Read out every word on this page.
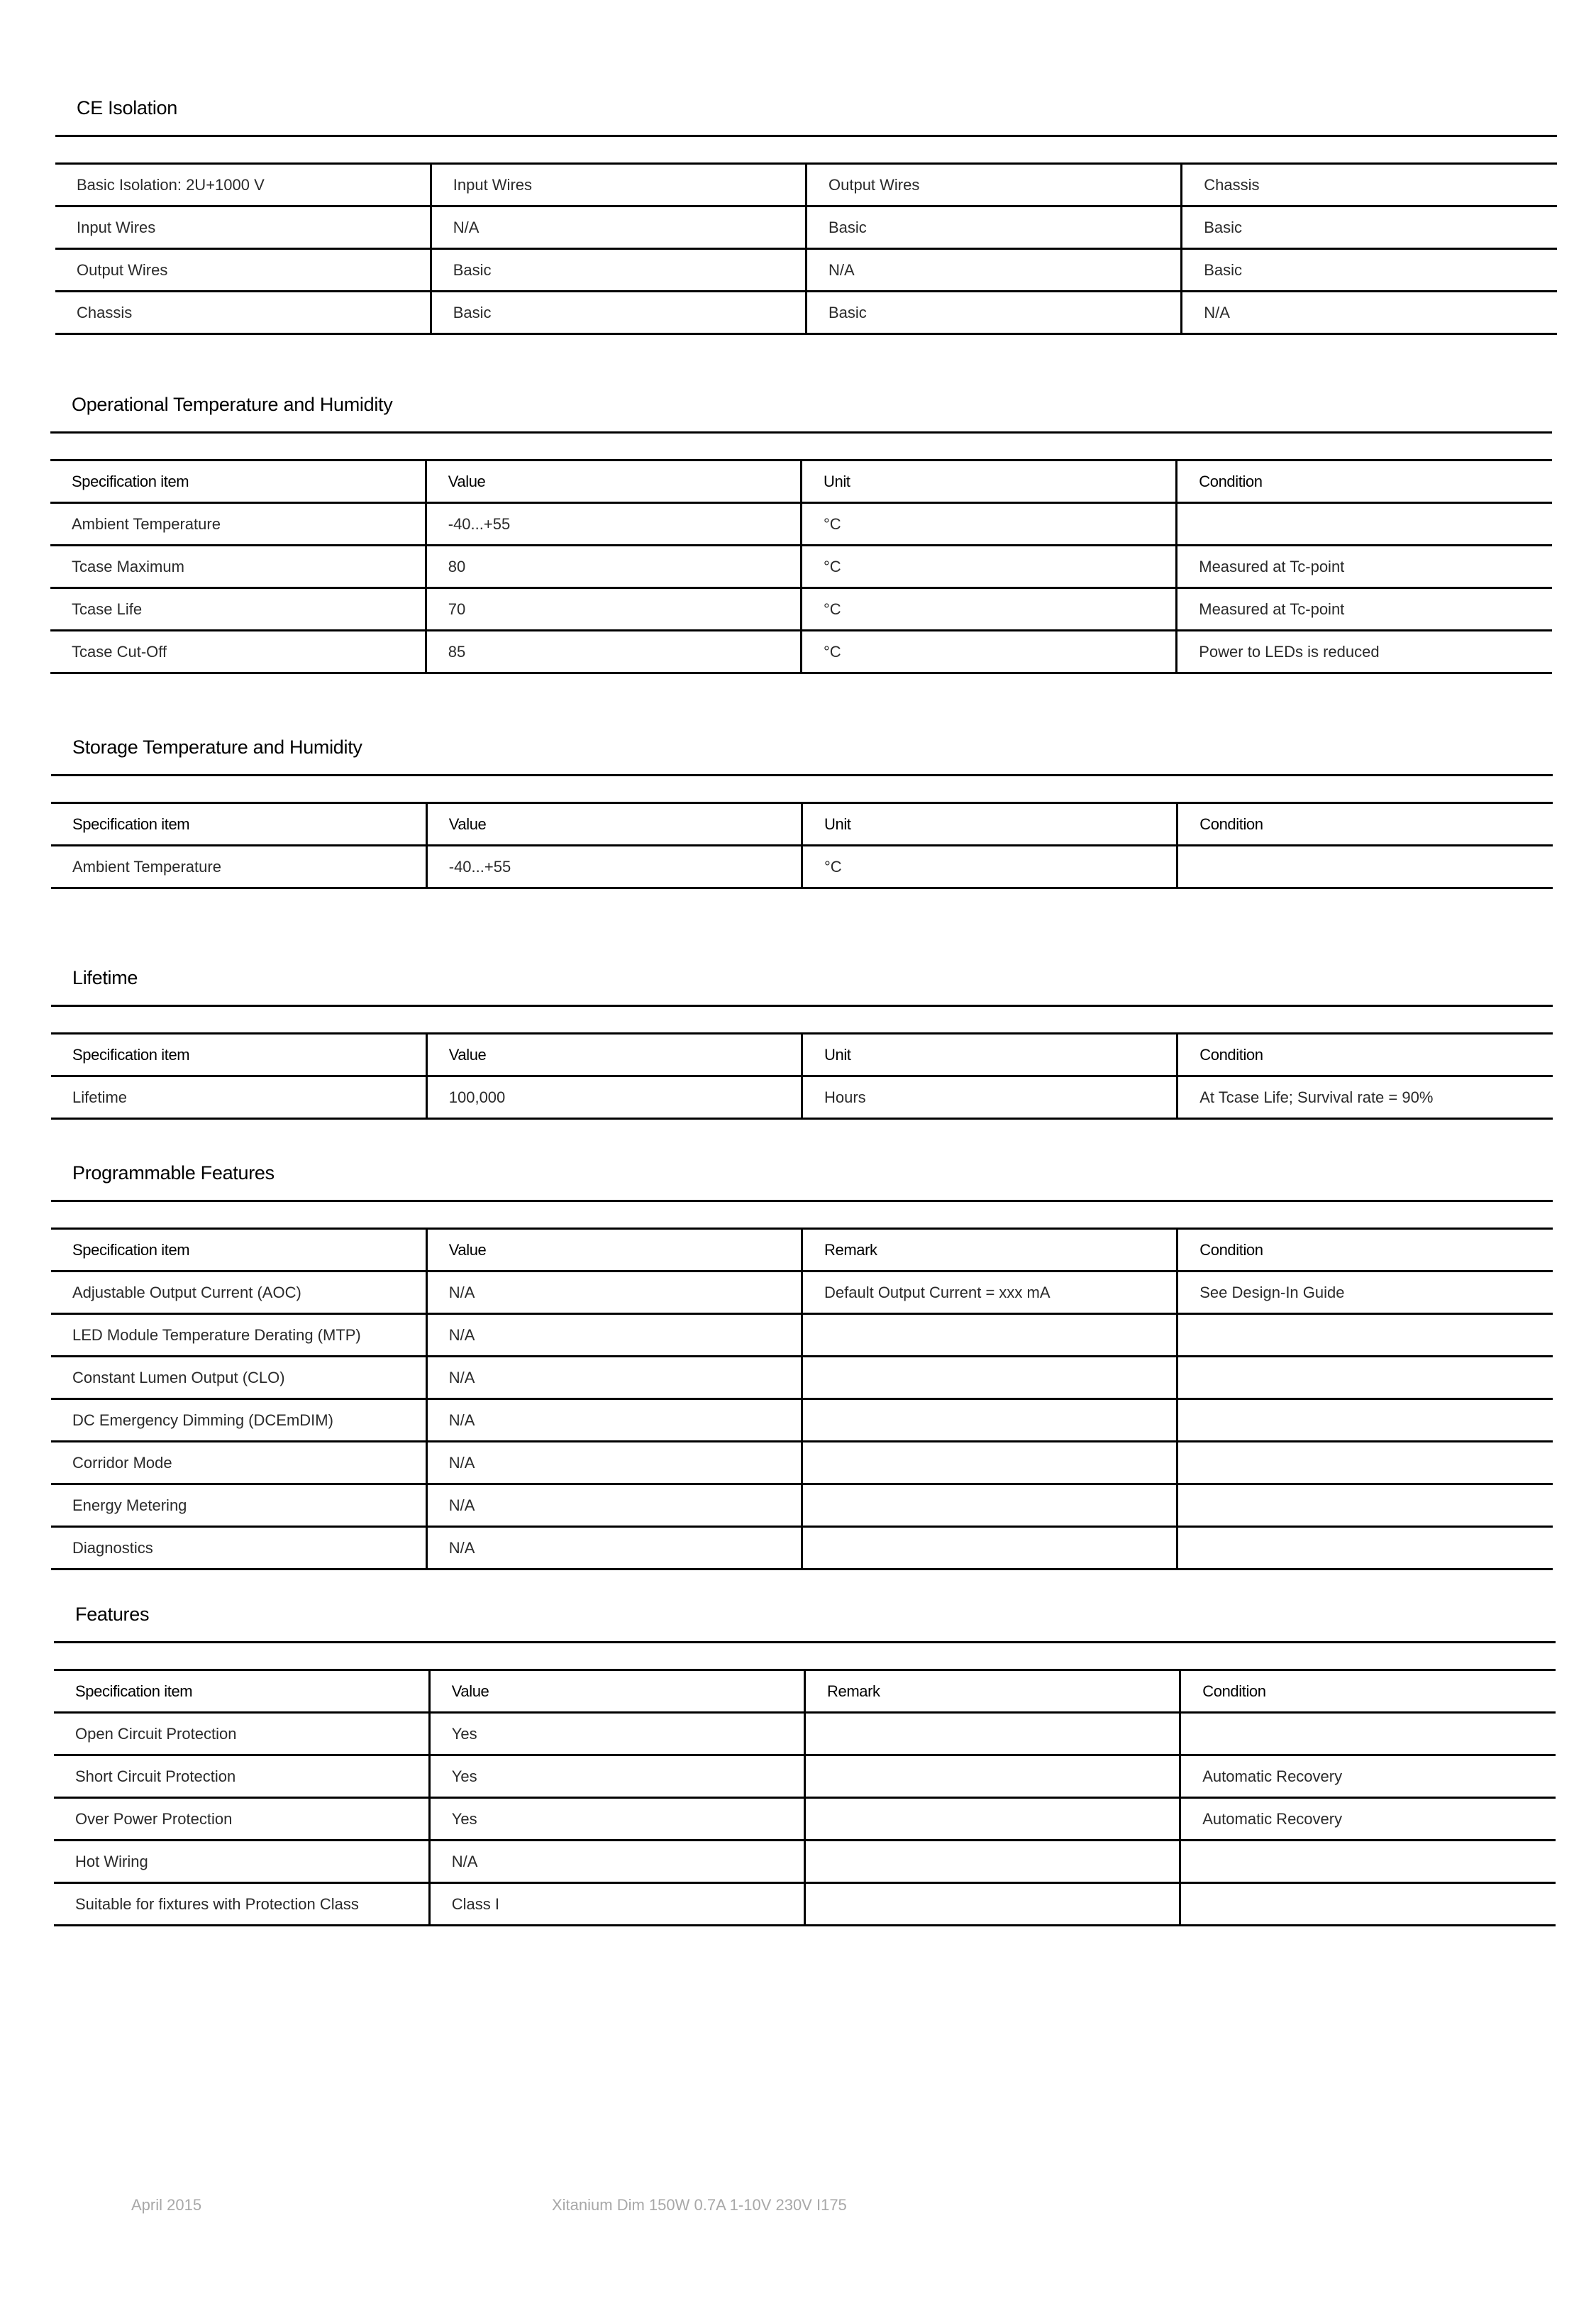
CE Isolation
Basic Isolation: 2U+1000 V	Input Wires	Output Wires	Chassis
Input Wires	N/A	Basic	Basic
Output Wires	Basic	N/A	Basic
Chassis	Basic	Basic	N/A
Operational Temperature and Humidity
Specification item	Value	Unit	Condition
Ambient Temperature	-40...+55	°C	
Tcase Maximum	80	°C	Measured at Tc-point
Tcase Life	70	°C	Measured at Tc-point
Tcase Cut-Off	85	°C	Power to LEDs is reduced
Storage Temperature and Humidity
Specification item	Value	Unit	Condition
Ambient Temperature	-40...+55	°C	
Lifetime
Specification item	Value	Unit	Condition
Lifetime	100,000	Hours	At Tcase Life; Survival rate = 90%
Programmable Features
Specification item	Value	Remark	Condition
Adjustable Output Current (AOC)	N/A	Default Output Current = xxx mA	See Design-In Guide
LED Module Temperature Derating (MTP)	N/A		
Constant Lumen Output (CLO)	N/A		
DC Emergency Dimming (DCEmDIM)	N/A		
Corridor Mode	N/A		
Energy Metering	N/A		
Diagnostics	N/A		
Features
Specification item	Value	Remark	Condition
Open Circuit Protection	Yes		
Short Circuit Protection	Yes		Automatic Recovery
Over Power Protection	Yes		Automatic Recovery
Hot Wiring	N/A		
Suitable for fixtures with Protection Class	Class I		
April 2015	Xitanium Dim 150W 0.7A 1-10V 230V I175
